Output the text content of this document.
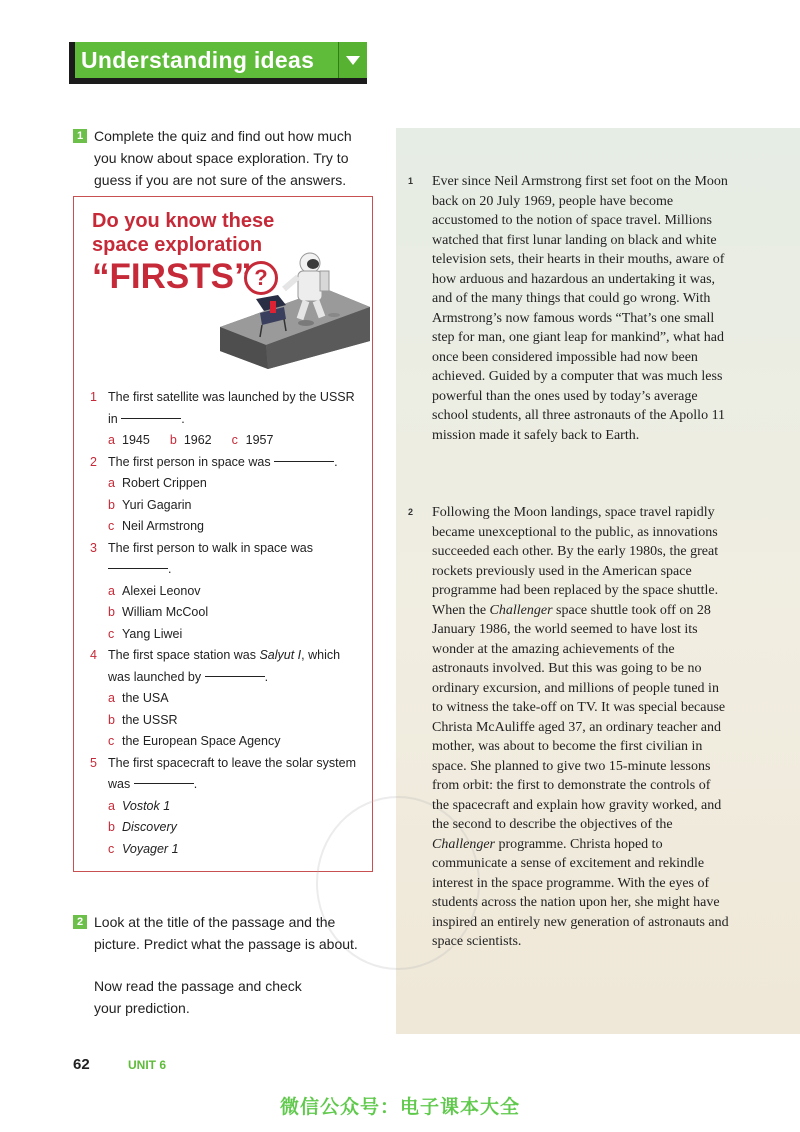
Understanding ideas
1 Complete the quiz and find out how much
you know about space exploration. Try to
guess if you are not sure of the answers.
Do you know these
space exploration
“FIRSTS” ?
1 The first satellite was launched by the USSR
in	.
a 1945 b 1962 c 1957
2 The first person in space was	.
a Robert Crippen
b Yuri Gagarin
c Neil Armstrong
3 The first person to walk in space was
.
a Alexei Leonov
b William McCool
c Yang Liwei
4 The first space station was Salyut I, which
was launched by	.
a the USA
b the USSR
c the European Space Agency
5 The first spacecraft to leave the solar system
was	.
a Vostok 1
b Discovery
c Voyager 1
2 Look at the title of the passage and the
picture. Predict what the passage is about.
Now read the passage and check
your prediction.
1 Ever since Neil Armstrong first set foot on the Moon back on 20 July 1969, people have become accustomed to the notion of space travel. Millions watched that first lunar landing on black and white television sets, their hearts in their mouths, aware of how arduous and hazardous an undertaking it was, and of the many things that could go wrong. With Armstrong’s now famous words “That’s one small step for man, one giant leap for mankind”, what had once been considered impossible had now been achieved. Guided by a computer that was much less powerful than the ones used by today’s average school students, all three astronauts of the Apollo 11 mission made it safely back to Earth.
2 Following the Moon landings, space travel rapidly became unexceptional to the public, as innovations succeeded each other. By the early 1980s, the great rockets previously used in the American space programme had been replaced by the space shuttle. When the Challenger space shuttle took off on 28 January 1986, the world seemed to have lost its wonder at the amazing achievements of the astronauts involved. But this was going to be no ordinary excursion, and millions of people tuned in to witness the take-off on TV. It was special because Christa McAuliffe aged 37, an ordinary teacher and mother, was about to become the first civilian in space. She planned to give two 15-minute lessons from orbit: the first to demonstrate the controls of the spacecraft and explain how gravity worked, and the second to describe the objectives of the Challenger programme. Christa hoped to communicate a sense of excitement and rekindle interest in the space programme. With the eyes of students across the nation upon her, she might have inspired an entirely new generation of astronauts and space scientists.
62	UNIT 6
微信公众号：电子课本大全
